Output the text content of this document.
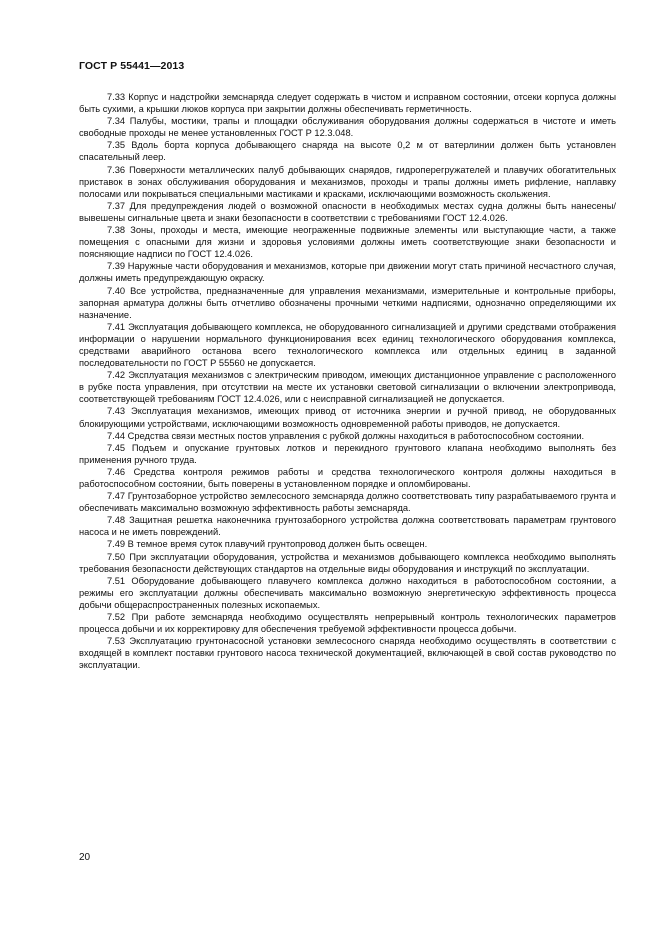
ГОСТ Р 55441—2013

7.33 Корпус и надстройки земснаряда следует содержать в чистом и исправном состоянии, отсеки корпуса должны быть сухими, а крышки люков корпуса при закрытии должны обеспечивать герметичность.

7.34 Палубы, мостики, трапы и площадки обслуживания оборудования должны содержаться в чистоте и иметь свободные проходы не менее установленных ГОСТ Р 12.3.048.

7.35 Вдоль борта корпуса добывающего снаряда на высоте 0,2 м от ватерлинии должен быть установлен спасательный леер.

7.36 Поверхности металлических палуб добывающих снарядов, гидроперегружателей и плавучих обогатительных приставок в зонах обслуживания оборудования и механизмов, проходы и трапы должны иметь рифление, наплавку полосами или покрываться специальными мастиками и красками, исключающими возможность скольжения.

7.37 Для предупреждения людей о возможной опасности в необходимых местах судна должны быть нанесены/вывешены сигнальные цвета и знаки безопасности в соответствии с требованиями ГОСТ 12.4.026.

7.38 Зоны, проходы и места, имеющие неограженные подвижные элементы или выступающие части, а также помещения с опасными для жизни и здоровья условиями должны иметь соответствующие знаки безопасности и поясняющие надписи по ГОСТ 12.4.026.

7.39 Наружные части оборудования и механизмов, которые при движении могут стать причиной несчастного случая, должны иметь предупреждающую окраску.

7.40 Все устройства, предназначенные для управления механизмами, измерительные и контрольные приборы, запорная арматура должны быть отчетливо обозначены прочными четкими надписями, однозначно определяющими их назначение.

7.41 Эксплуатация добывающего комплекса, не оборудованного сигнализацией и другими средствами отображения информации о нарушении нормального функционирования всех единиц технологического оборудования комплекса, средствами аварийного останова всего технологического комплекса или отдельных единиц в заданной последовательности по ГОСТ Р 55560 не допускается.

7.42 Эксплуатация механизмов с электрическим приводом, имеющих дистанционное управление с расположенного в рубке поста управления, при отсутствии на месте их установки световой сигнализации о включении электропривода, соответствующей требованиям ГОСТ 12.4.026, или с неисправной сигнализацией не допускается.

7.43 Эксплуатация механизмов, имеющих привод от источника энергии и ручной привод, не оборудованных блокирующими устройствами, исключающими возможность одновременной работы приводов, не допускается.

7.44 Средства связи местных постов управления с рубкой должны находиться в работоспособном состоянии.

7.45 Подъем и опускание грунтовых лотков и перекидного грунтового клапана необходимо выполнять без применения ручного труда.

7.46 Средства контроля режимов работы и средства технологического контроля должны находиться в работоспособном состоянии, быть поверены в установленном порядке и опломбированы.

7.47 Грунтозаборное устройство землесосного земснаряда должно соответствовать типу разрабатываемого грунта и обеспечивать максимально возможную эффективность работы земснаряда.

7.48 Защитная решетка наконечника грунтозаборного устройства должна соответствовать параметрам грунтового насоса и не иметь повреждений.

7.49 В темное время суток плавучий грунтопровод должен быть освещен.

7.50 При эксплуатации оборудования, устройства и механизмов добывающего комплекса необходимо выполнять требования безопасности действующих стандартов на отдельные виды оборудования и инструкций по эксплуатации.

7.51 Оборудование добывающего плавучего комплекса должно находиться в работоспособном состоянии, а режимы его эксплуатации должны обеспечивать максимально возможную энергетическую эффективность процесса добычи общераспространенных полезных ископаемых.

7.52 При работе земснаряда необходимо осуществлять непрерывный контроль технологических параметров процесса добычи и их корректировку для обеспечения требуемой эффективности процесса добычи.

7.53 Эксплуатацию грунтонасосной установки землесосного снаряда необходимо осуществлять в соответствии с входящей в комплект поставки грунтового насоса технической документацией, включающей в свой состав руководство по эксплуатации.

20
